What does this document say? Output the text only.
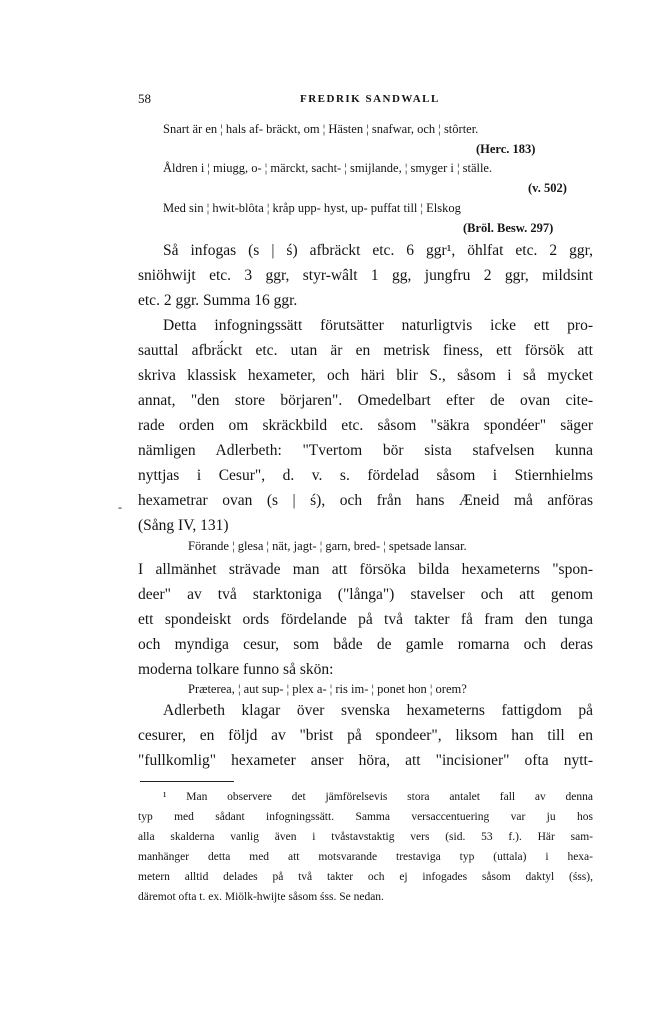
58	FREDRIK SANDWALL
Snart är en ¦ hals af- bräckt, om ¦ Hästen ¦ snafwar, och ¦ stôrter.
(Herc. 183)
Åldren i ¦ miugg, o- ¦ märckt, sacht- ¦ smijlande, ¦ smyger i ¦ ställe.
(v. 502)
Med sin ¦ hwit-blôta ¦ kråp upp- hyst, up- puffat till ¦ Elskog
(Bröl. Besw. 297)
Så infogas (s | ś) afbräckt etc. 6 ggr¹, öhlfat etc. 2 ggr,
sniöhwijt etc. 3 ggr, styr-wâlt 1 gg, jungfru 2 ggr, mildsint
etc. 2 ggr. Summa 16 ggr.
Detta infogningssätt förutsätter naturligtvis icke ett pro-
sauttal afbrä́ckt etc. utan är en metrisk finess, ett försök att
skriva klassisk hexameter, och häri blir S., såsom i så mycket
annat, "den store börjaren". Omedelbart efter de ovan cite-
rade orden om skräckbild etc. såsom "säkra spondéer" säger
nämligen Adlerbeth: "Tvertom bör sista stafvelsen kunna
nyttjas i Cesur", d. v. s. fördelad såsom i Stiernhielms
hexametrar ovan (s | ś), och från hans Æneid må anföras
(Sång IV, 131)
-
Förande ¦ glesa ¦ nät, jagt- ¦ garn, bred- ¦ spetsade lansar.
I allmänhet strävade man att försöka bilda hexameterns "spon-
deer" av två starktoniga ("långa") stavelser och att genom
ett spondeiskt ords fördelande på två takter få fram den tunga
och myndiga cesur, som både de gamle romarna och deras
moderna tolkare funno så skön:
Præterea, ¦ aut sup- ¦ plex a- ¦ ris im- ¦ ponet hon ¦ orem?
Adlerbeth klagar över svenska hexameterns fattigdom på
cesurer, en följd av "brist på spondeer", liksom han till en
"fullkomlig" hexameter anser höra, att "incisioner" ofta nytt-
¹ Man observere det jämförelsevis stora antalet fall av denna
typ med sådant infogningssätt. Samma versaccentuering var ju hos
alla skalderna vanlig även i tvåstavstaktig vers (sid. 53 f.). Här sam-
manhänger detta med att motsvarande trestaviga typ (uttala) i hexa-
metern alltid delades på två takter och ej infogades såsom daktyl (śss),
däremot ofta t. ex. Miölk-hwijte såsom śss. Se nedan.
